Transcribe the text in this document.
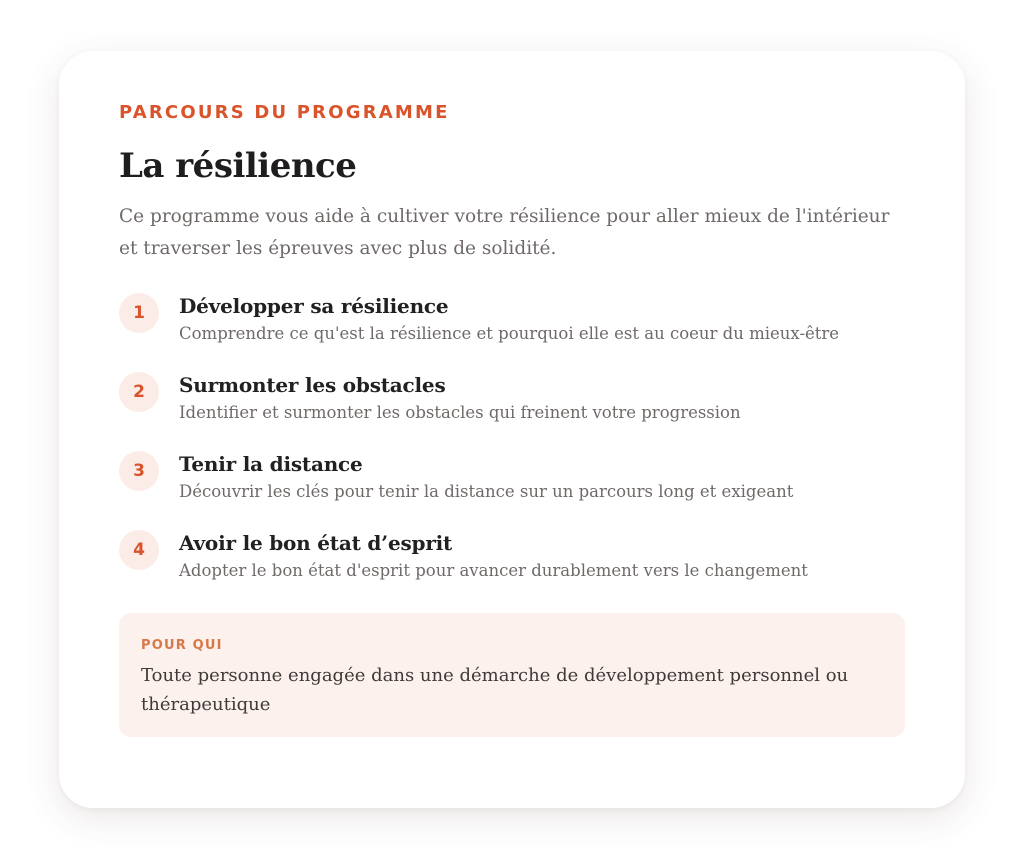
PARCOURS DU PROGRAMME
La résilience
Ce programme vous aide à cultiver votre résilience pour aller mieux de l'intérieur et traverser les épreuves avec plus de solidité.
1	Développer sa résilience
Comprendre ce qu'est la résilience et pourquoi elle est au coeur du mieux-être
2	Surmonter les obstacles
Identifier et surmonter les obstacles qui freinent votre progression
3	Tenir la distance
Découvrir les clés pour tenir la distance sur un parcours long et exigeant
4	Avoir le bon état d’esprit
Adopter le bon état d'esprit pour avancer durablement vers le changement
POUR QUI
Toute personne engagée dans une démarche de développement personnel ou thérapeutique
